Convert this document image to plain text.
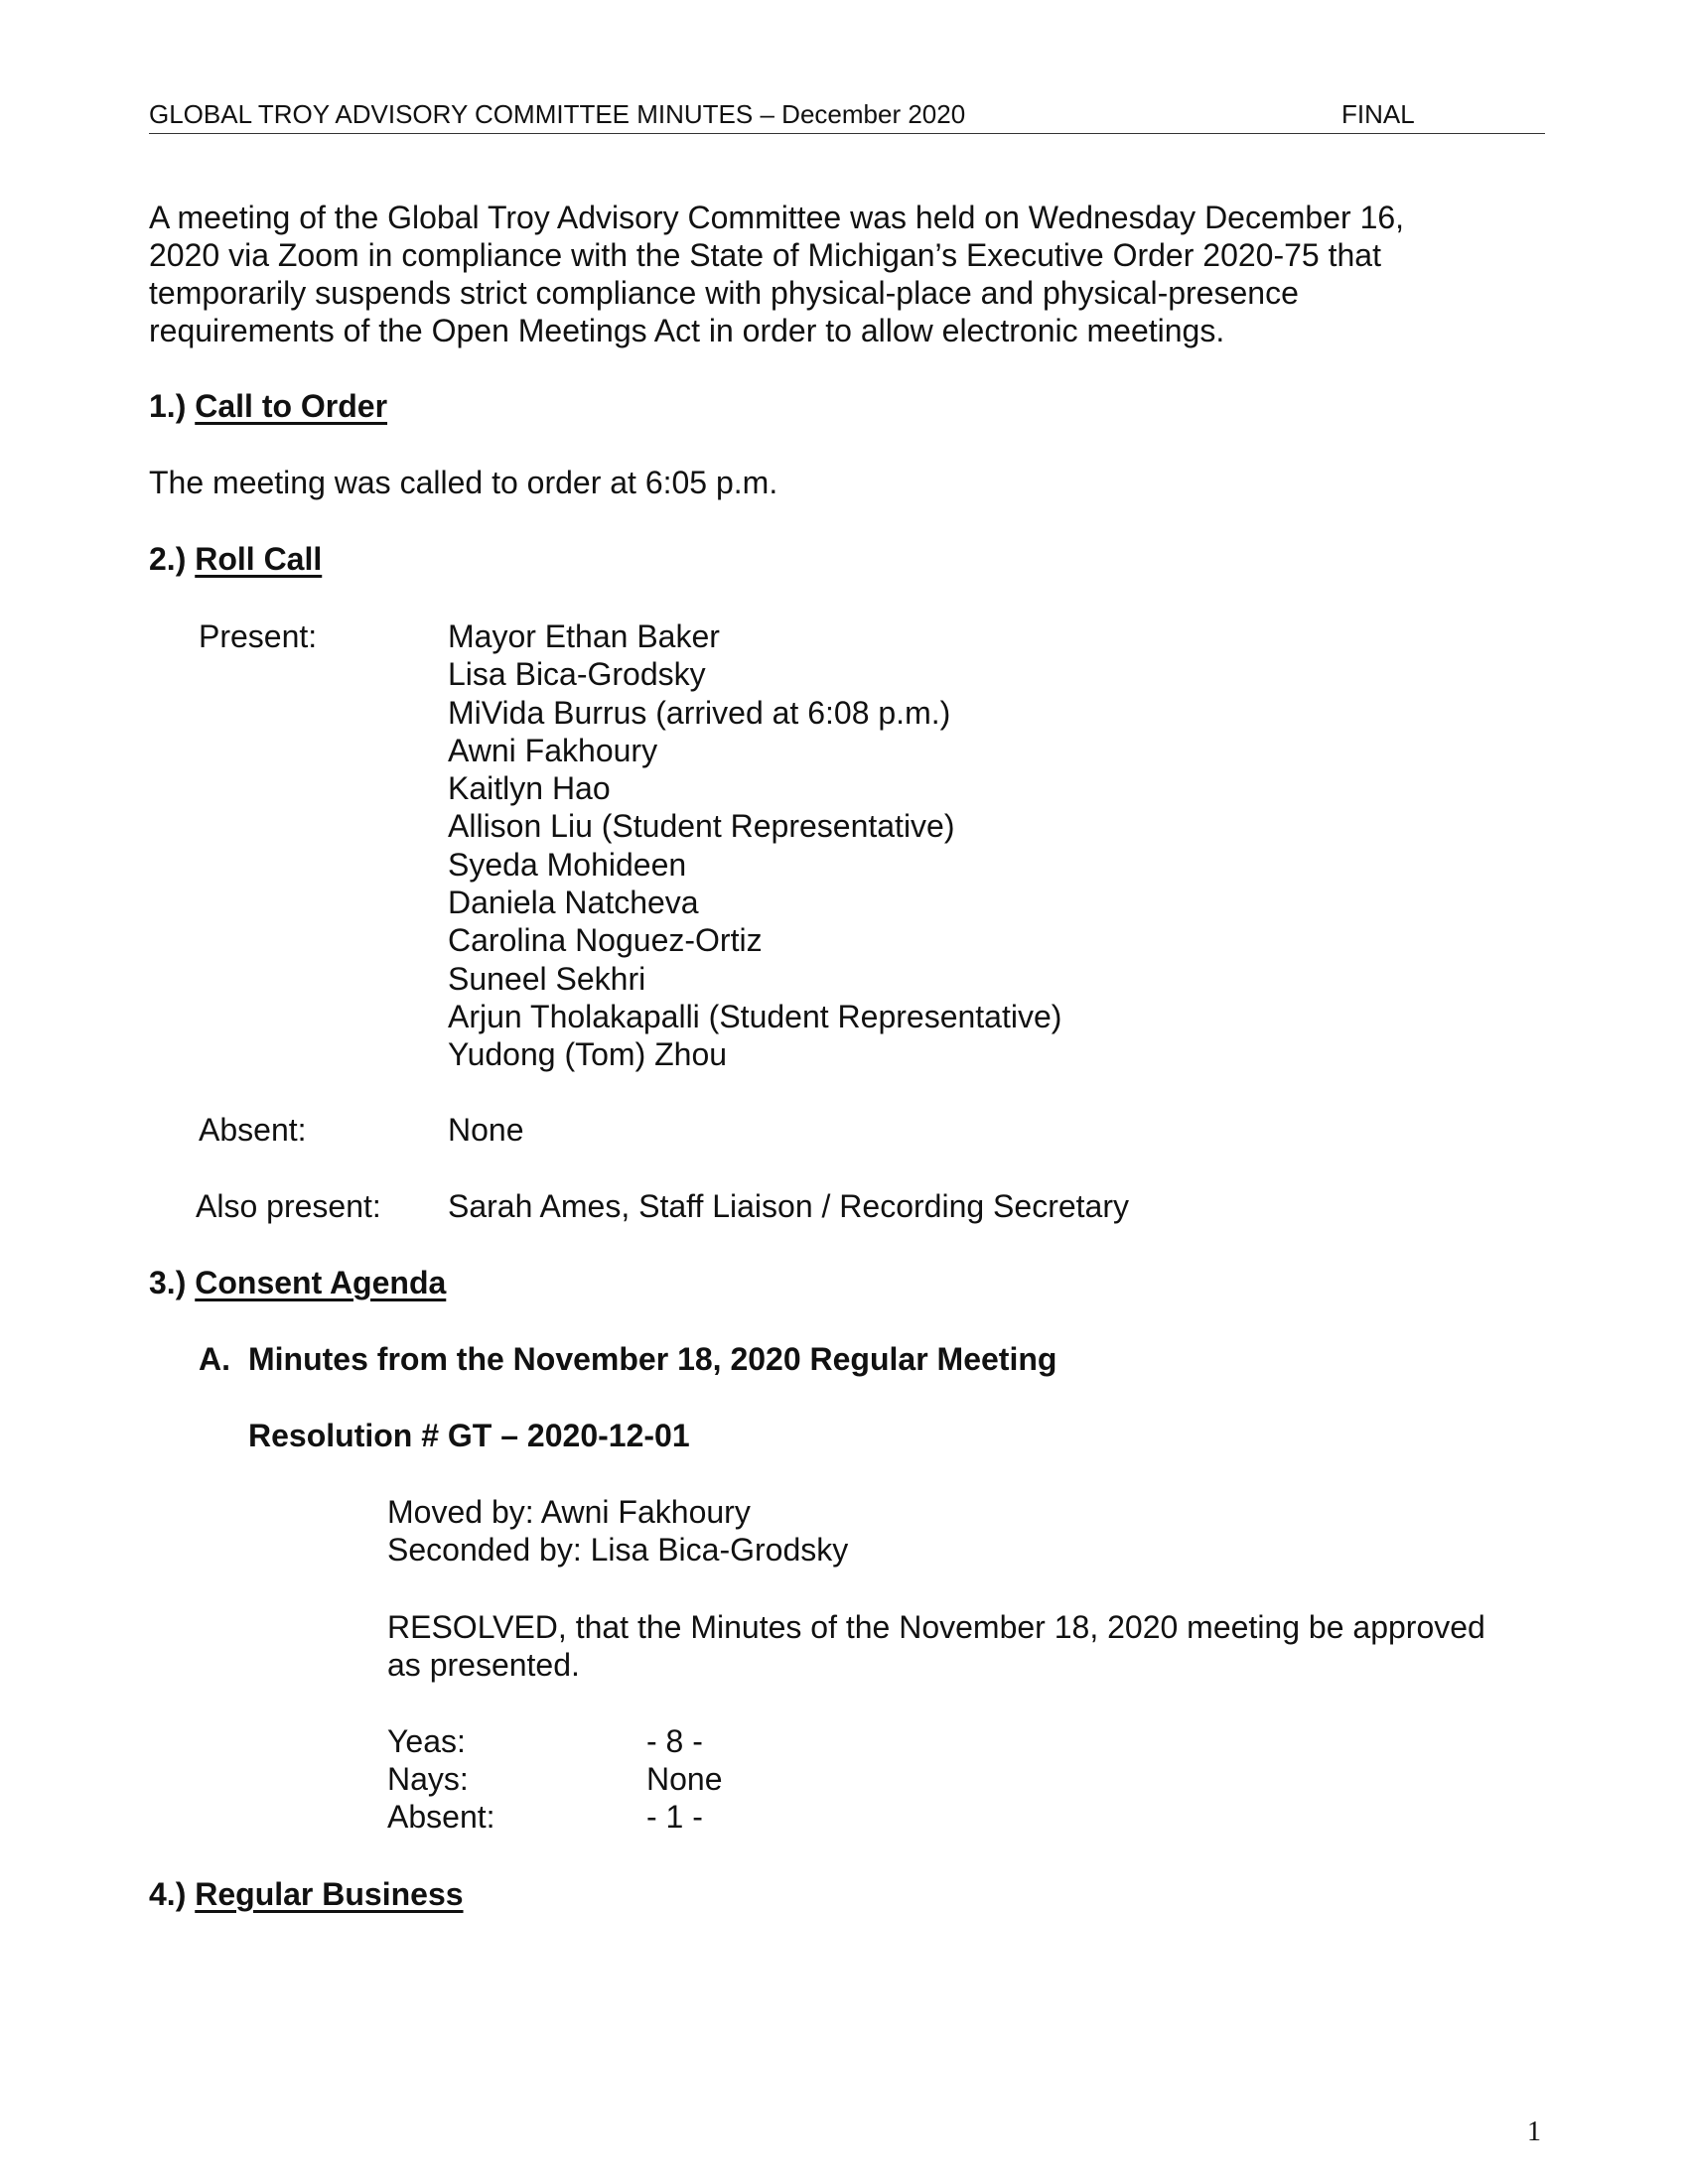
GLOBAL TROY ADVISORY COMMITTEE MINUTES – December 2020	FINAL
A meeting of the Global Troy Advisory Committee was held on Wednesday December 16,
2020 via Zoom in compliance with the State of Michigan’s Executive Order 2020-75 that
temporarily suspends strict compliance with physical-place and physical-presence
requirements of the Open Meetings Act in order to allow electronic meetings.
1.) Call to Order
The meeting was called to order at 6:05 p.m.
2.) Roll Call
Present:	Mayor Ethan Baker
Lisa Bica-Grodsky
MiVida Burrus (arrived at 6:08 p.m.)
Awni Fakhoury
Kaitlyn Hao
Allison Liu (Student Representative)
Syeda Mohideen
Daniela Natcheva
Carolina Noguez-Ortiz
Suneel Sekhri
Arjun Tholakapalli (Student Representative)
Yudong (Tom) Zhou
Absent:	None
Also present: Sarah Ames, Staff Liaison / Recording Secretary
3.) Consent Agenda
A. Minutes from the November 18, 2020 Regular Meeting
Resolution # GT – 2020-12-01
Moved by: Awni Fakhoury
Seconded by: Lisa Bica-Grodsky
RESOLVED, that the Minutes of the November 18, 2020 meeting be approved
as presented.
Yeas:	- 8 -
Nays:	None
Absent:	- 1 -
4.) Regular Business
1
